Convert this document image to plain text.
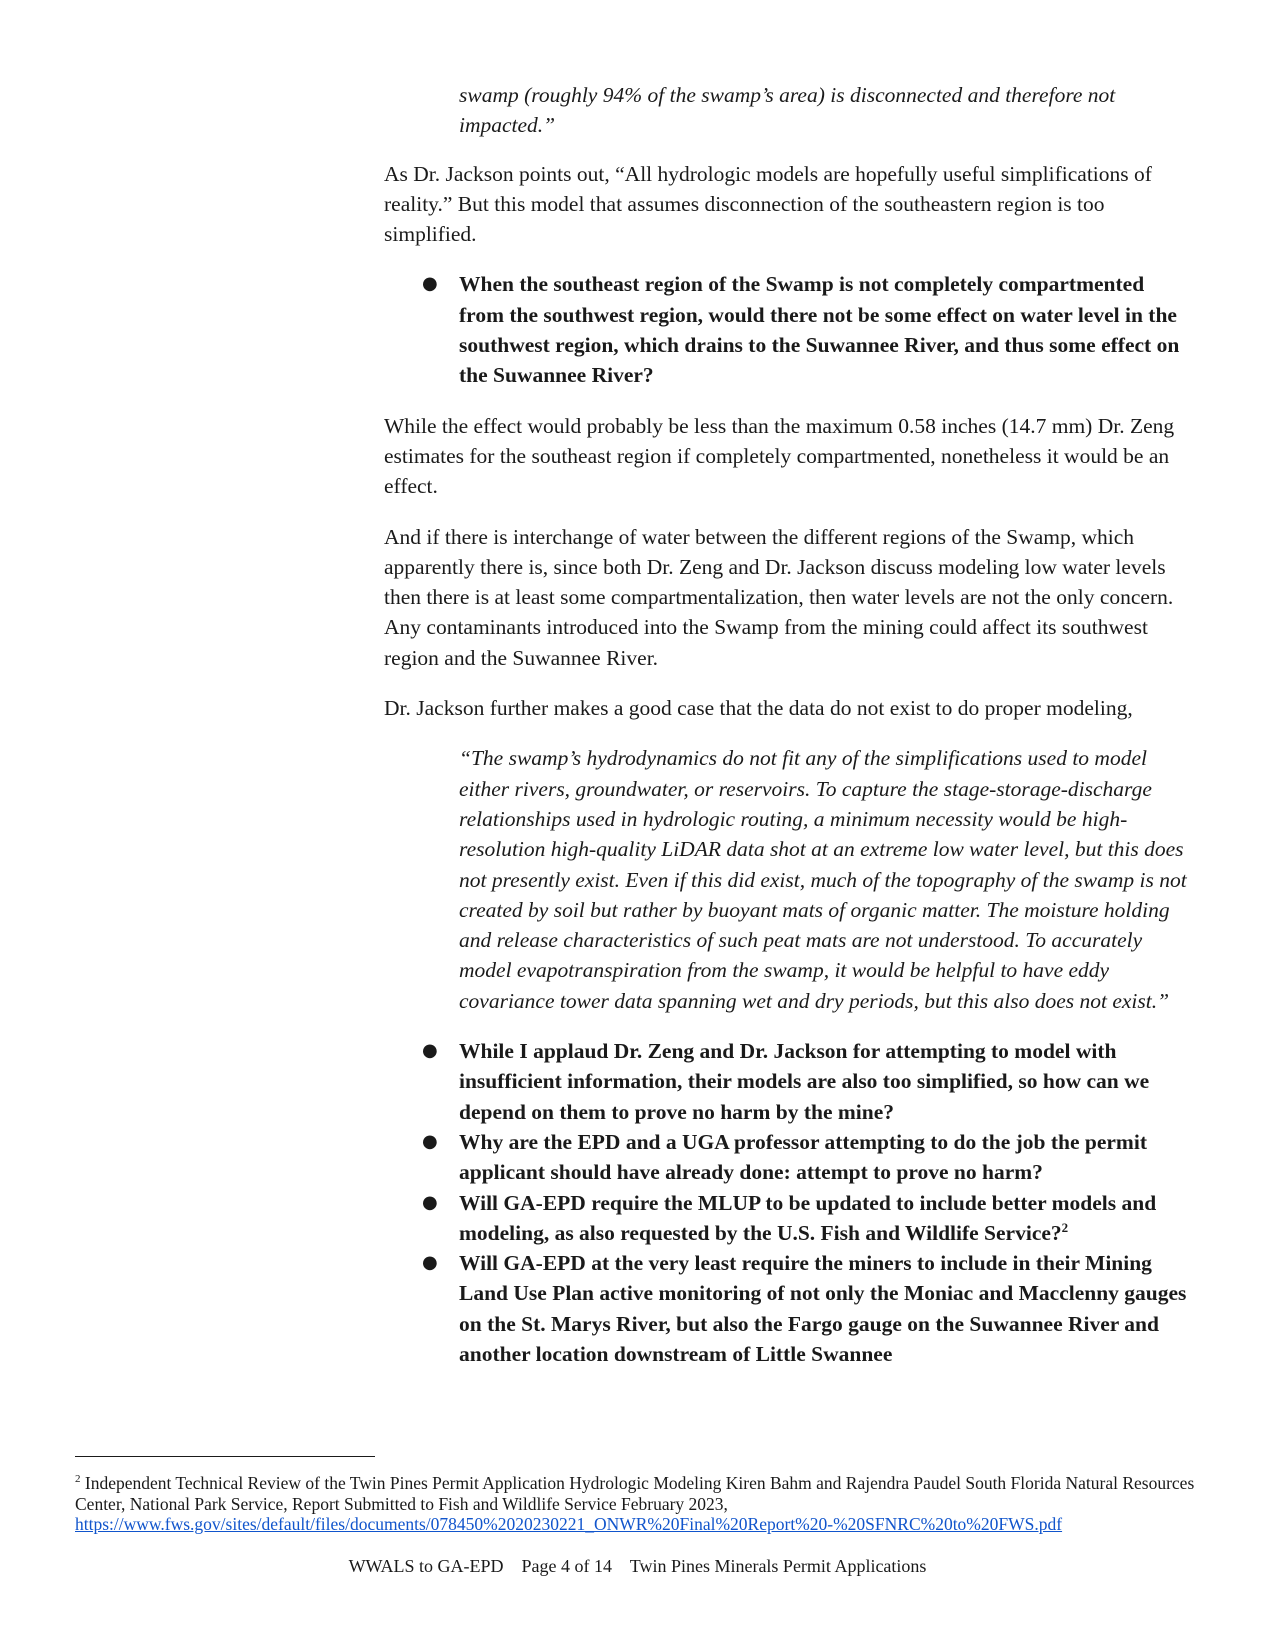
swamp (roughly 94% of the swamp’s area) is disconnected and therefore not impacted.”

As Dr. Jackson points out, “All hydrologic models are hopefully useful simplifications of reality.” But this model that assumes disconnection of the southeastern region is too simplified.

● When the southeast region of the Swamp is not completely compartmented from the southwest region, would there not be some effect on water level in the southwest region, which drains to the Suwannee River, and thus some effect on the Suwannee River?

While the effect would probably be less than the maximum 0.58 inches (14.7 mm) Dr. Zeng estimates for the southeast region if completely compartmented, nonetheless it would be an effect.

And if there is interchange of water between the different regions of the Swamp, which apparently there is, since both Dr. Zeng and Dr. Jackson discuss modeling low water levels then there is at least some compartmentalization, then water levels are not the only concern. Any contaminants introduced into the Swamp from the mining could affect its southwest region and the Suwannee River.

Dr. Jackson further makes a good case that the data do not exist to do proper modeling,

“The swamp’s hydrodynamics do not fit any of the simplifications used to model either rivers, groundwater, or reservoirs. To capture the stage-storage-discharge relationships used in hydrologic routing, a minimum necessity would be high-resolution high-quality LiDAR data shot at an extreme low water level, but this does not presently exist. Even if this did exist, much of the topography of the swamp is not created by soil but rather by buoyant mats of organic matter. The moisture holding and release characteristics of such peat mats are not understood. To accurately model evapotranspiration from the swamp, it would be helpful to have eddy covariance tower data spanning wet and dry periods, but this also does not exist.”

● While I applaud Dr. Zeng and Dr. Jackson for attempting to model with insufficient information, their models are also too simplified, so how can we depend on them to prove no harm by the mine?
● Why are the EPD and a UGA professor attempting to do the job the permit applicant should have already done: attempt to prove no harm?
● Will GA-EPD require the MLUP to be updated to include better models and modeling, as also requested by the U.S. Fish and Wildlife Service?$^2$
● Will GA-EPD at the very least require the miners to include in their Mining Land Use Plan active monitoring of not only the Moniac and Macclenny gauges on the St. Marys River, but also the Fargo gauge on the Suwannee River and another location downstream of Little Swannee
$^2$ Independent Technical Review of the Twin Pines Permit Application Hydrologic Modeling Kiren Bahm and Rajendra Paudel South Florida Natural Resources Center, National Park Service, Report Submitted to Fish and Wildlife Service February 2023,
https://www.fws.gov/sites/default/files/documents/078450%2020230221_ONWR%20Final%20Report%20-%20SFNRC%20to%20FWS.pdf
WWALS to GA-EPD    Page 4 of 14    Twin Pines Minerals Permit Applications
